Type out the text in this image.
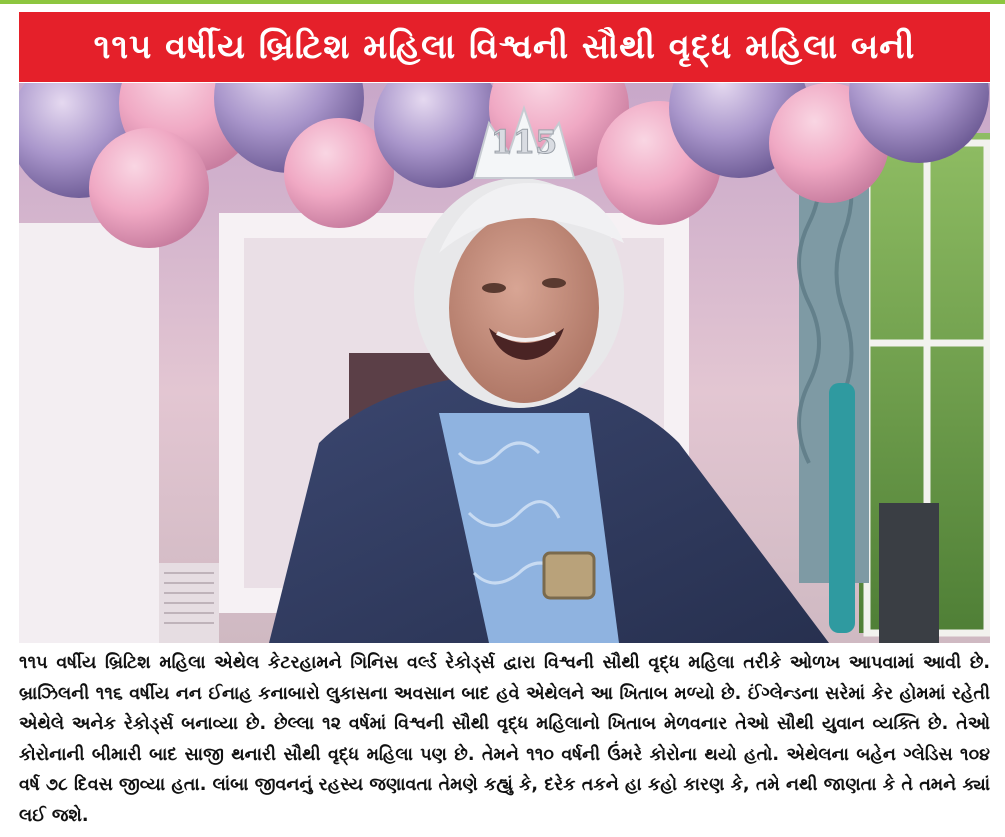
૧૧૫ વર્ષીય બ્રિટિશ મહિલા વિશ્વની સૌથી વૃદ્ધ મહિલા બની
115

૧૧૫ વર્ષીય બ્રિટિશ મહિલા એથેલ કેટરહામને ગિનિસ વર્લ્ડ રેકોર્ડ્સ દ્વારા વિશ્વની સૌથી વૃદ્ધ મહિલા તરીકે ઓળખ આપવામાં આવી છે. બ્રાઝિલની ૧૧૬ વર્ષીય નન ઈનાહ કનાબારો લુકાસના અવસાન બાદ હવે એથેલને આ ખિતાબ મળ્યો છે. ઈંગ્લેન્ડના સરેમાં કેર હોમમાં રહેતી એથેલે અનેક રેકોર્ડ્સ બનાવ્યા છે. છેલ્લા ૧૨ વર્ષમાં વિશ્વની સૌથી વૃદ્ધ મહિલાનો ખિતાબ મેળવનાર તેઓ સૌથી યુવાન વ્યક્તિ છે. તેઓ કોરોનાની બીમારી બાદ સાજી થનારી સૌથી વૃદ્ધ મહિલા પણ છે. તેમને ૧૧૦ વર્ષની ઉંમરે કોરોના થયો હતો. એથેલના બહેન ગ્લેડિસ ૧૦૪ વર્ષ ૭૮ દિવસ જીવ્યા હતા. લાંબા જીવનનું રહસ્ય જણાવતા તેમણે કહ્યું કે, દરેક તકને હા કહો કારણ કે, તમે નથી જાણતા કે તે તમને ક્યાં લઈ જશે.
